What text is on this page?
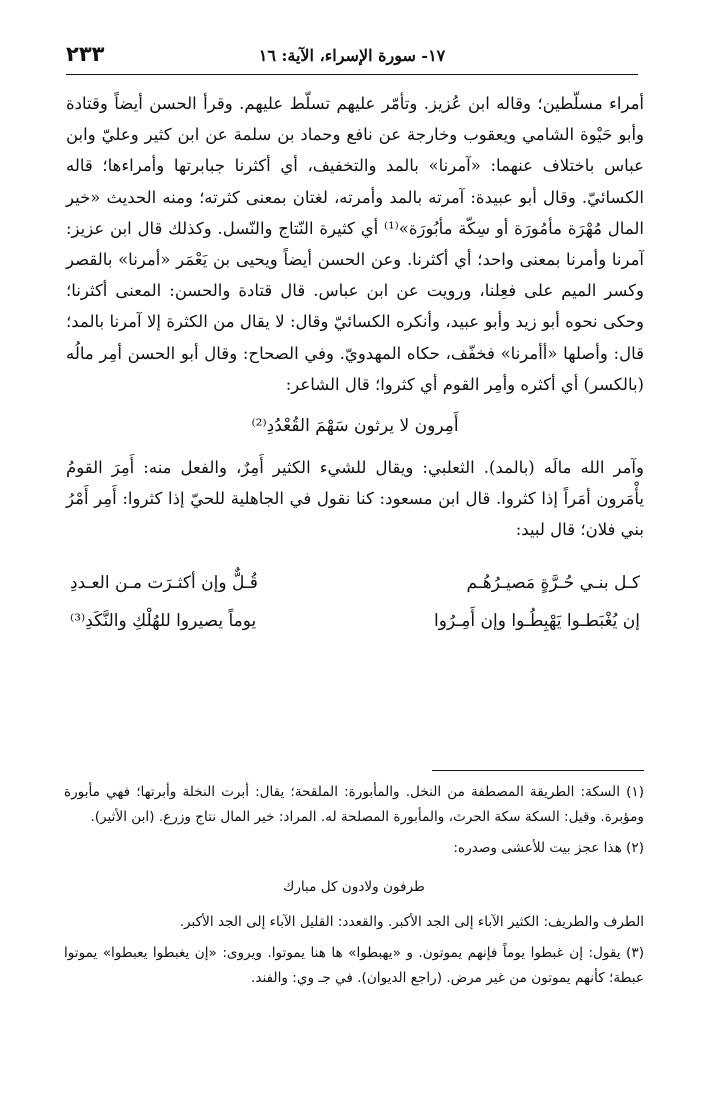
٢٣٣	١٧- سورة الإسراء، الآية: ١٦

أمراء مسلّطين؛ وقاله ابن عُزيز. وتأمّر عليهم تسلّط عليهم. وقرأ الحسن أيضاً وقتادة وأبو حَيْوة الشامي ويعقوب وخارجة عن نافع وحماد بن سلمة عن ابن كثير وعليّ وابن عباس باختلاف عنهما: «آمرنا» بالمد والتخفيف، أي أكثرنا جبابرتها وأمراءها؛ قاله الكسائيّ. وقال أبو عبيدة: آمرته بالمد وأمرته، لغتان بمعنى كثرته؛ ومنه الحديث «خير المال مُهْرَة مأمُورَة أو سِكّة مأبُورَة»⁽¹⁾ أي كثيرة النّتاج والنّسل. وكذلك قال ابن عزيز: آمرنا وأمرنا بمعنى واحد؛ أي أكثرنا. وعن الحسن أيضاً ويحيى بن يَعْمَر «أمرنا» بالقصر وكسر الميم على فعِلنا، ورويت عن ابن عباس. قال قتادة والحسن: المعنى أكثرنا؛ وحكى نحوه أبو زيد وأبو عبيد، وأنكره الكسائيّ وقال: لا يقال من الكثرة إلا آمرنا بالمد؛ قال: وأصلها «أأمرنا» فخفّف، حكاه المهدويّ. وفي الصحاح: وقال أبو الحسن أمِر مالُه (بالكسر) أي أكثره وأمِر القوم أي كثروا؛ قال الشاعر:

أَمِرون لا يرثون سَهْمَ القُعْدُدِ⁽²⁾

وآمر الله مالَه (بالمد). الثعلبي: ويقال للشيء الكثير أَمِرٌ، والفعل منه: أَمِرَ القومُ يأْمَرون أمَراً إذا كثروا. قال ابن مسعود: كنا نقول في الجاهلية للحيّ إذا كثروا: أَمِر أَمْرُ بني فلان؛ قال لبيد:

كـل بنـي حُـرَّةٍ مَصيـرُهُـم
قُـلٌّ وإن أكثـرَت مـن العـددِ
إن يُغْبَطـوا يَهْبِطُـوا وإن أَمِـرُوا
يوماً يصيروا للهُلْكِ والنَّكَدِ⁽³⁾

(١) السكة: الطريقة المصطفة من النخل. والمأبورة: الملقحة؛ يقال: أبرت النخلة وأبرتها؛ فهي مأبورة ومؤبرة. وقيل: السكة سكة الحرث، والمأبورة المصلحة له. المراد: خير المال نتاج وزرع. (ابن الأثير).

(٢) هذا عجز بيت للأعشى وصدره:

طرفون ولادون كل مبارك

الطرف والطريف: الكثير الآباء إلى الجد الأكبر. والقعدد: القليل الآباء إلى الجد الأكبر.

(٣) يقول: إن غبطوا يوماً فإنهم يموتون. و «يهبطوا» ها هنا يموتوا. ويروى: «إن يغبطوا يعبطوا» يموتوا عبطة؛ كأنهم يموتون من غير مرض. (راجع الديوان). في جـ وي: والفند.
